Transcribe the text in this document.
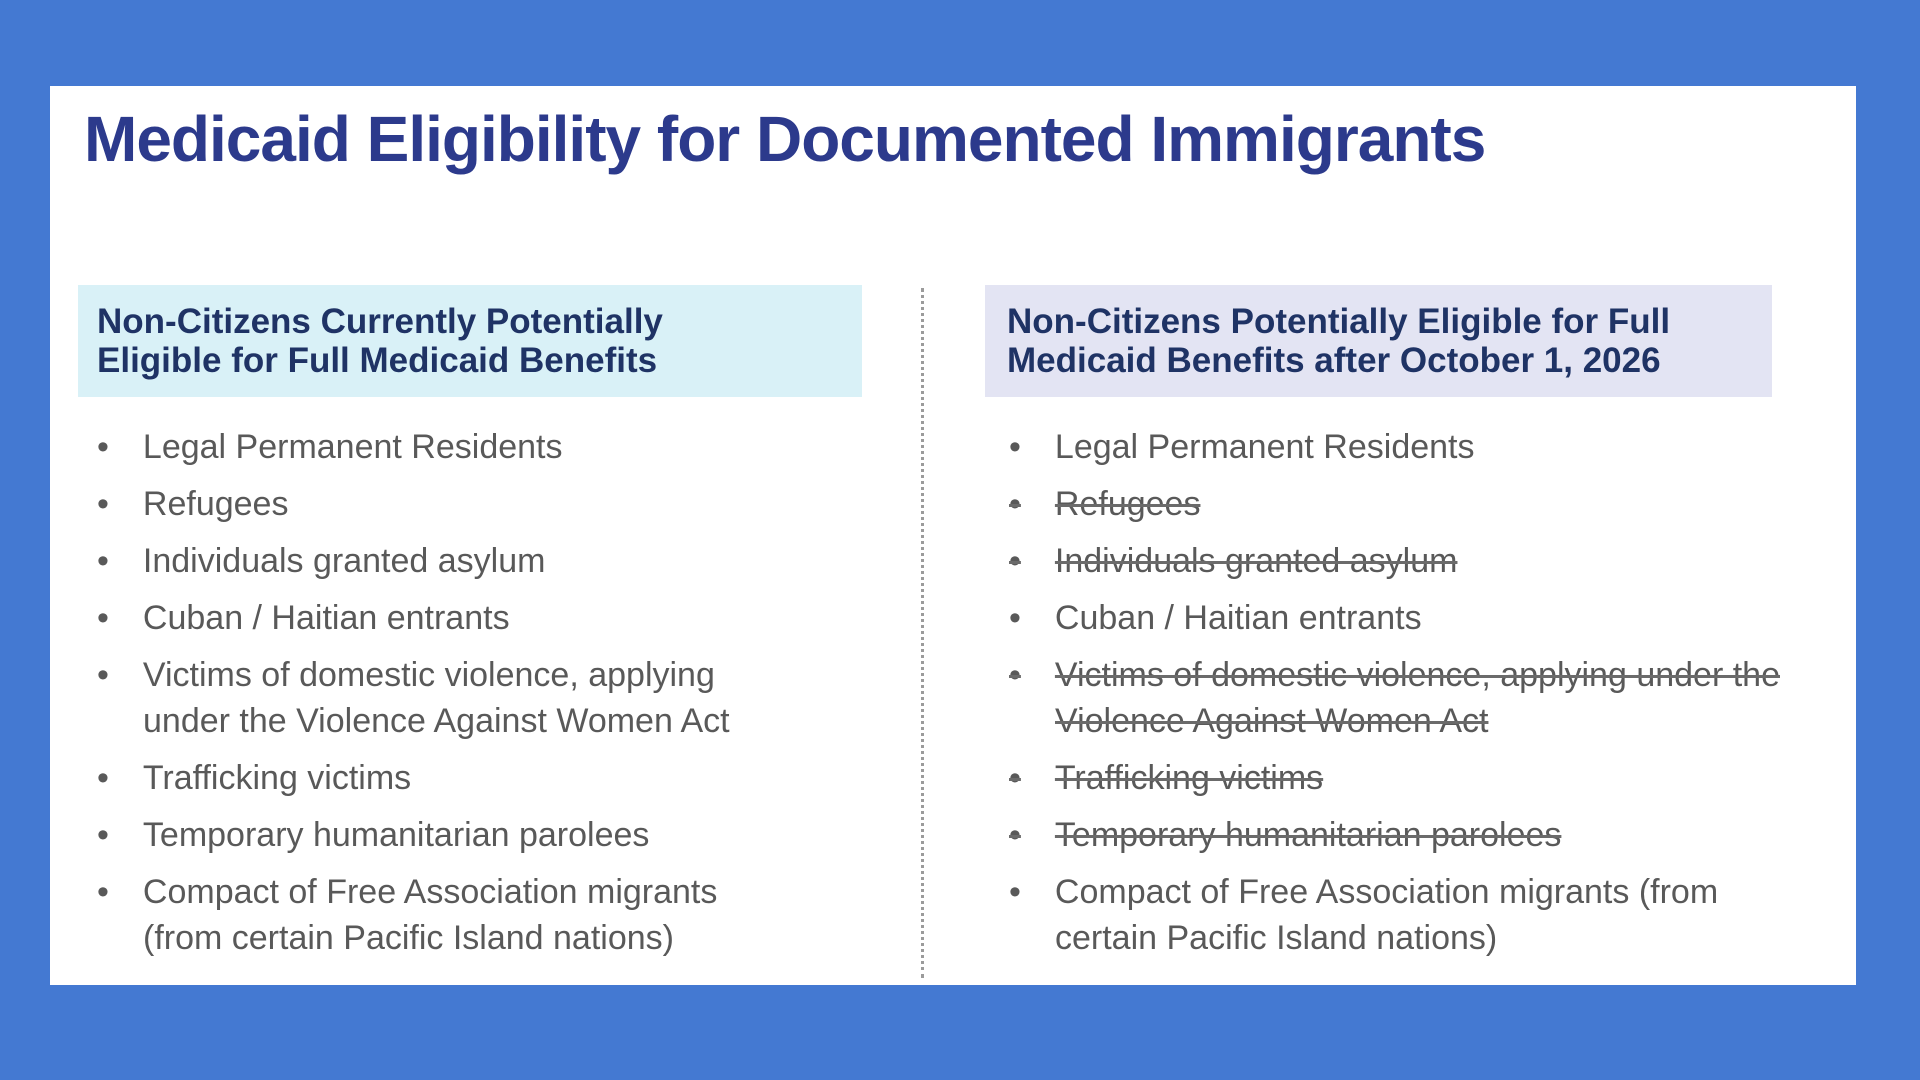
Medicaid Eligibility for Documented Immigrants
Non-Citizens Currently Potentially
Eligible for Full Medicaid Benefits
Non-Citizens Potentially Eligible for Full
Medicaid Benefits after October 1, 2026
• Legal Permanent Residents
• Refugees
• Individuals granted asylum
• Cuban / Haitian entrants
• Victims of domestic violence, applying
under the Violence Against Women Act
• Trafficking victims
• Temporary humanitarian parolees
• Compact of Free Association migrants
(from certain Pacific Island nations)
• Legal Permanent Residents
• Refugees
• Individuals granted asylum
• Cuban / Haitian entrants
• Victims of domestic violence, applying under the
Violence Against Women Act
• Trafficking victims
• Temporary humanitarian parolees
• Compact of Free Association migrants (from
certain Pacific Island nations)
